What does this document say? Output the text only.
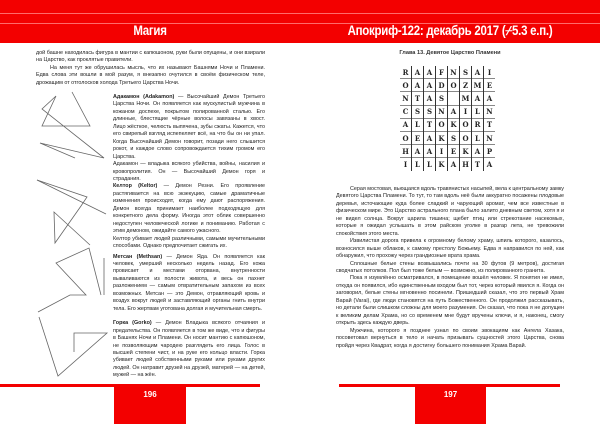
Магия	Апокриф-122: декабрь 2017 (⌿5.3 е.п.)

дой башне находилась фигура в мантии с капюшоном, руки были опущены, и они взирали на Царство, как проклятые правители.

На меня тут же обрушилась мысль, что их называют Башнями Ночи и Пламени. Едва слова эти вошли в мой разум, я внезапно очутился в своём физическом теле, дрожащим от отголосков холода Третьего Царства Ночи.

Адакамон (Adakamon) — Высочайший Демон Третьего Царства Ночи. Он появляется как мускулистый мужчина в кожаном доспехе, покрытом полированной сталью. Его длинные, блестящие чёрные волосы завязаны в хвост. Лицо жёсткое, челюсть выпячена, зубы сжаты. Кажется, что его свирепый взгляд испепеляет всё, на что бы он ни упал. Когда Высочайший Демон говорит, позади него слышится рокот, и каждое слово сопровождается тихим громом его Царства.

Адакамон — владыка всякого убийства, войны, насилия и кровопролития. Он — Высочайший Демон горя и страдания.

Келтор (Keltor) — Демон Резни. Его проявление растягивается на всю экзекуцию, самые драматичные изменения происходят, когда ему дают распоряжения. Демон всегда принимает наиболее подходящую для конкретного дела форму. Иногда этот облик совершенно недоступен человеческой логике и пониманию. Работая с этим демоном, ожидайте самого ужасного.

Келтор убивает людей различными, самыми мучительными способами. Однако предпочитает сжигать их.

Метсан (Methsan) — Демон Яда. Он появляется как человек, умерший несколько недель назад. Его кожа провисает и местами оторвана, внутренности вываливаются из полости живота, и весь он пахнет разложением — самым отвратительным запахом из всех возможных. Метсан — это Демон, отравляющий кровь и воздух вокруг людей и заставляющий органы гнить внутри тела. Его жертвам уготована долгая и мучительная смерть.

Горка (Gorko) — Демон Владыка всякого отчаяния и предательства. Он появляется в том же виде, что и фигуры в Башнях Ночи и Пламени. Он носит мантию с капюшоном, не позволяющим чародею разглядеть его лица. Голос в высшей степени чист, и на руке его кольцо власти. Горка убивает людей собственными руками или руками других людей. Он натравит друзей на друзей, матерей — на детей, мужей — на жён.

Глава 13. Девятое Царство Пламени
R	A	A	F	N	S	A	I
O	A	A	D	O	Z	M	E
N	T	A	S		M	A	A
C	S	S	N	A	I	L	N
A	L	T	O	K	O	R	T
O	E	A	K	S	O	L	N
H	A	A	I	E	K	A	P
I	L	L	K	A	H	T	A

Серая мостовая, вьющаяся вдоль травянистых насыпей, вела к центральному замку Девятого Царства Пламени. То тут, то там вдоль неё были аккуратно посажены плодовые деревья, источающие куда более сладкий и чарующий аромат, чем все известные в физическом мире. Это Царство астрального плана было залито дневным светом, хотя я и не видел солнца. Вокруг царила тишина; щебет птиц или стрекотание насекомых, которые я ожидал услышать в этом райском уголке в разгар лета, не тревожили спокойствия этого места.

Извилистая дорога привела к огромному белому храму, шпиль которого, казалось, возносился выше облаков, к самому престолу Божьему. Едва я направился по ней, как обнаружил, что прохожу через грандиозные врата храма.

Сплошные белые стены возвышались почти на 30 футов (9 метров), достигая сводчатых потолков. Пол был тоже белым — возможно, из полированного гранита.

Пока я изумлённо осматривался, в помещение вошёл человек. Я понятия не имел, откуда он появился, ибо единственным входом был тот, через который явился я. Когда он заговорил, белые стены мгновенно посинели. Пришедший сказал, что это первый Храм Варай (Varai), где люди становятся на путь Божественного. Он продолжил рассказывать, но детали были слишком сложны для моего разумения. Он сказал, что пока я не допущен к великим делам Храма, но со временем мне будут вручены ключи, и я, наконец, смогу открыть здесь каждую дверь.

Мужчина, которого я позднее узнал по своим эвокациям как Ангела Хазака, посоветовал вернуться в тело и начать призывать сущностей этого Царства, снова пройдя через Квадрат, когда я достигну большего понимания Храма Варай.

196	197
